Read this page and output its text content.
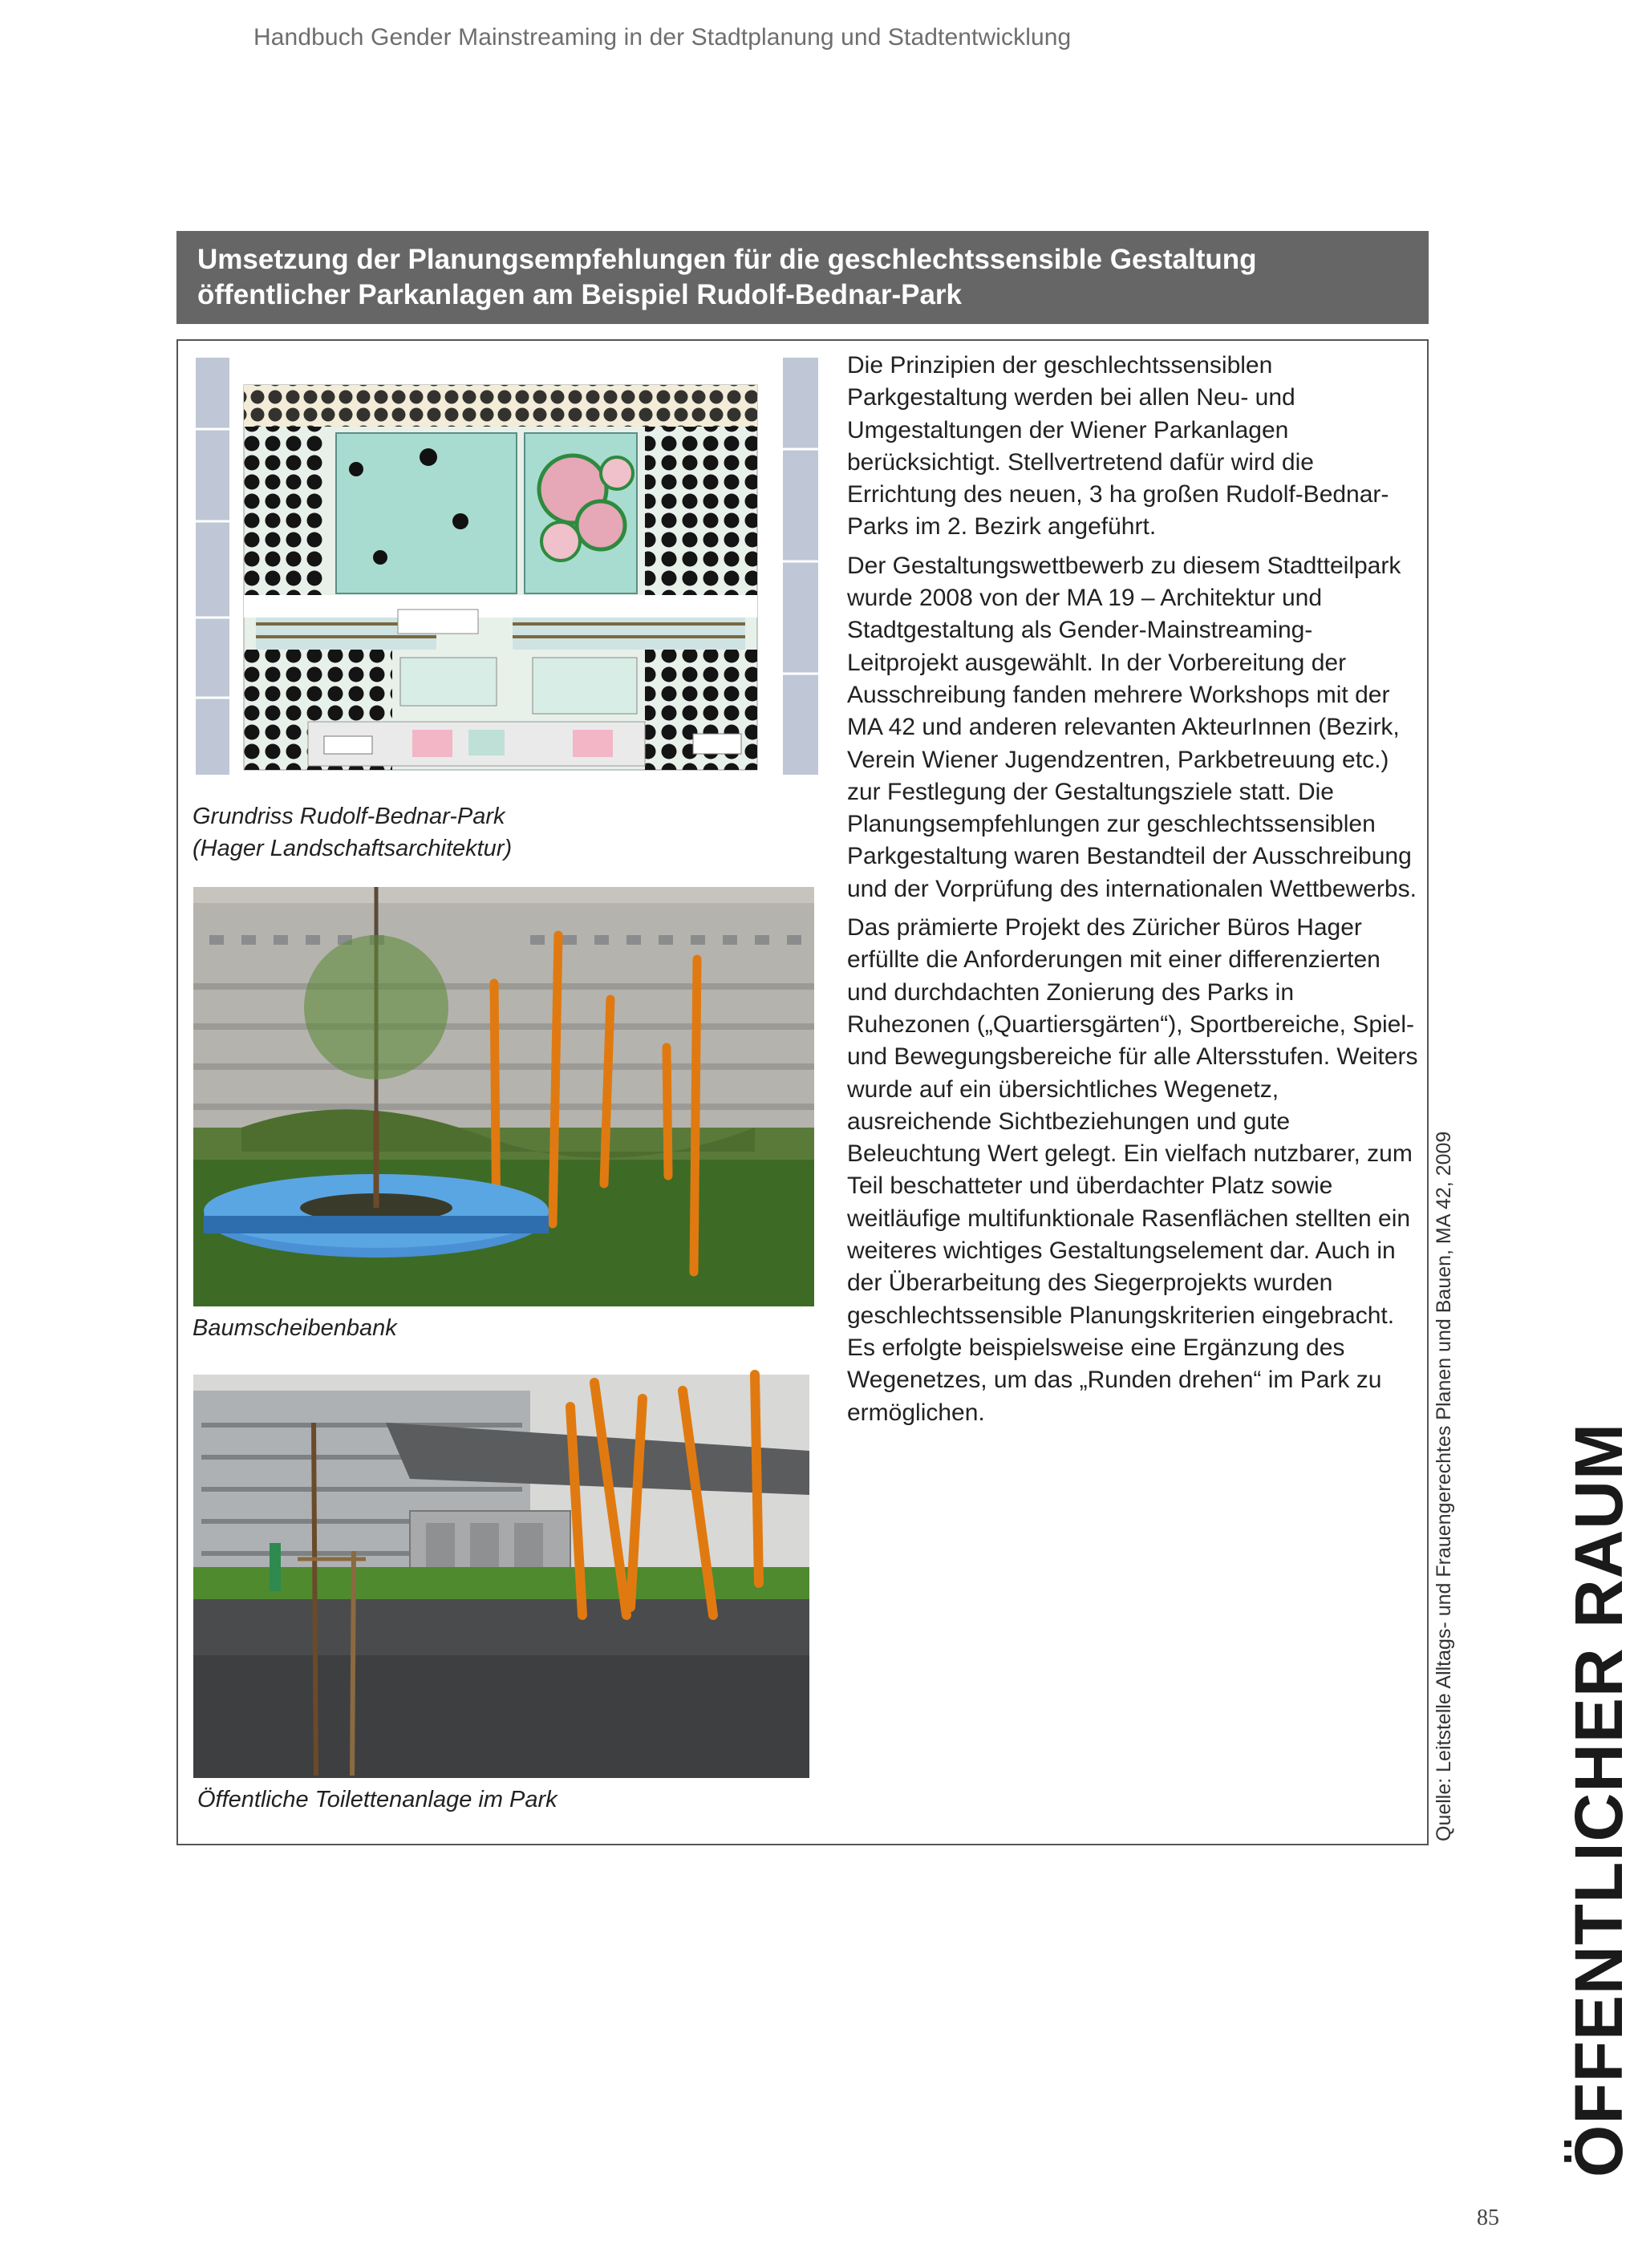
Handbuch Gender Mainstreaming in der Stadtplanung und Stadtentwicklung
Umsetzung der Planungsempfehlungen für die geschlechtssensible Gestaltung öffentlicher Parkanlagen am Beispiel Rudolf-Bednar-Park
Grundriss Rudolf-Bednar-Park
(Hager Landschaftsarchitektur)
Baumscheibenbank
Öffentliche Toilettenanlage im Park

Die Prinzipien der geschlechtssensiblen Parkgestaltung werden bei allen Neu- und Umgestaltungen der Wiener Parkanlagen berücksichtigt. Stellvertretend dafür wird die Errichtung des neuen, 3 ha großen Rudolf-Bednar-Parks im 2. Bezirk angeführt.

Der Gestaltungswettbewerb zu diesem Stadtteilpark wurde 2008 von der MA 19 – Architektur und Stadtgestaltung als Gender-Mainstreaming-Leitprojekt ausgewählt. In der Vorbereitung der Ausschreibung fanden mehrere Workshops mit der MA 42 und anderen relevanten AkteurInnen (Bezirk, Verein Wiener Jugendzentren, Parkbetreuung etc.) zur Festlegung der Gestaltungsziele statt. Die Planungsempfehlungen zur geschlechtssensiblen Parkgestaltung waren Bestandteil der Ausschreibung und der Vorprüfung des internationalen Wettbewerbs.

Das prämierte Projekt des Züricher Büros Hager erfüllte die Anforderungen mit einer differenzierten und durchdachten Zonierung des Parks in Ruhezonen („Quartiersgärten“), Sportbereiche, Spiel- und Bewegungsbereiche für alle Altersstufen. Weiters wurde auf ein übersichtliches Wegenetz, ausreichende Sichtbeziehungen und gute Beleuchtung Wert gelegt. Ein vielfach nutzbarer, zum Teil beschatteter und überdachter Platz sowie weitläufige multifunktionale Rasenflächen stellten ein weiteres wichtiges Gestaltungselement dar. Auch in der Überarbeitung des Siegerprojekts wurden geschlechtssensible Planungskriterien eingebracht. Es erfolgte beispielsweise eine Ergänzung des Wegenetzes, um das „Runden drehen“ im Park zu ermöglichen.	Quelle: Leitstelle Alltags- und Frauengerechtes Planen und Bauen, MA 42, 2009 ÖFFENTLICHER RAUM
85
